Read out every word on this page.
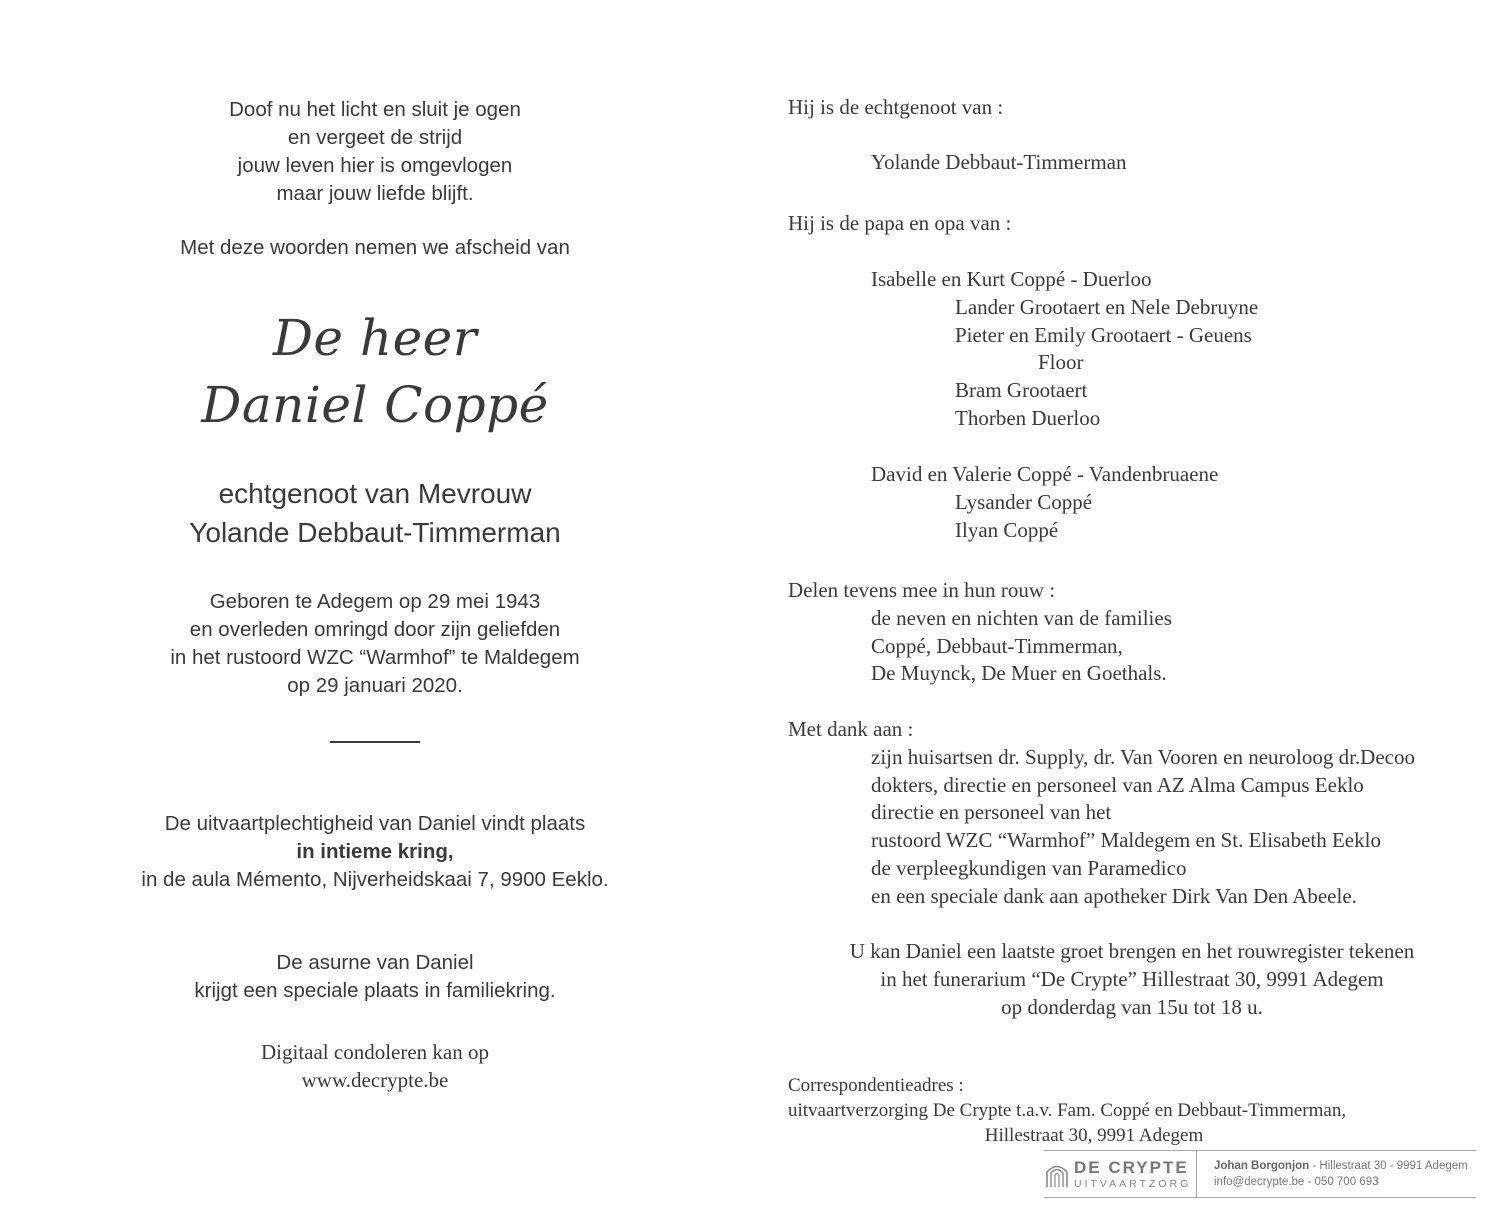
Doof nu het licht en sluit je ogen
en vergeet de strijd
jouw leven hier is omgevlogen
maar jouw liefde blijft.
Met deze woorden nemen we afscheid van
De heer
Daniel Coppé
echtgenoot van Mevrouw
Yolande Debbaut-Timmerman
Geboren te Adegem op 29 mei 1943
en overleden omringd door zijn geliefden
in het rustoord WZC “Warmhof” te Maldegem
op 29 januari 2020.
De uitvaartplechtigheid van Daniel vindt plaats
in intieme kring,
in de aula Mémento, Nijverheidskaai 7, 9900 Eeklo.
De asurne van Daniel
krijgt een speciale plaats in familiekring.
Digitaal condoleren kan op
www.decrypte.be
Hij is de echtgenoot van :
Yolande Debbaut-Timmerman
Hij is de papa en opa van :
Isabelle en Kurt Coppé - Duerloo
Lander Grootaert en Nele Debruyne
Pieter en Emily Grootaert - Geuens
Floor
Bram Grootaert
Thorben Duerloo
David en Valerie Coppé - Vandenbruaene
Lysander Coppé
Ilyan Coppé
Delen tevens mee in hun rouw :
de neven en nichten van de families
Coppé, Debbaut-Timmerman,
De Muynck, De Muer en Goethals.
Met dank aan :
zijn huisartsen dr. Supply, dr. Van Vooren en neuroloog dr.Decoo
dokters, directie en personeel van AZ Alma Campus Eeklo
directie en personeel van het
rustoord WZC “Warmhof” Maldegem en St. Elisabeth Eeklo
de verpleegkundigen van Paramedico
en een speciale dank aan apotheker Dirk Van Den Abeele.
U kan Daniel een laatste groet brengen en het rouwregister tekenen
in het funerarium “De Crypte” Hillestraat 30, 9991 Adegem
op donderdag van 15u tot 18 u.
Correspondentieadres :
uitvaartverzorging De Crypte t.a.v. Fam. Coppé en Debbaut-Timmerman,
Hillestraat 30, 9991 Adegem
DE CRYPTE
UITVAARTZORG
Johan Borgonjon - Hillestraat 30 - 9991 Adegem
info@decrypte.be - 050 700 693
